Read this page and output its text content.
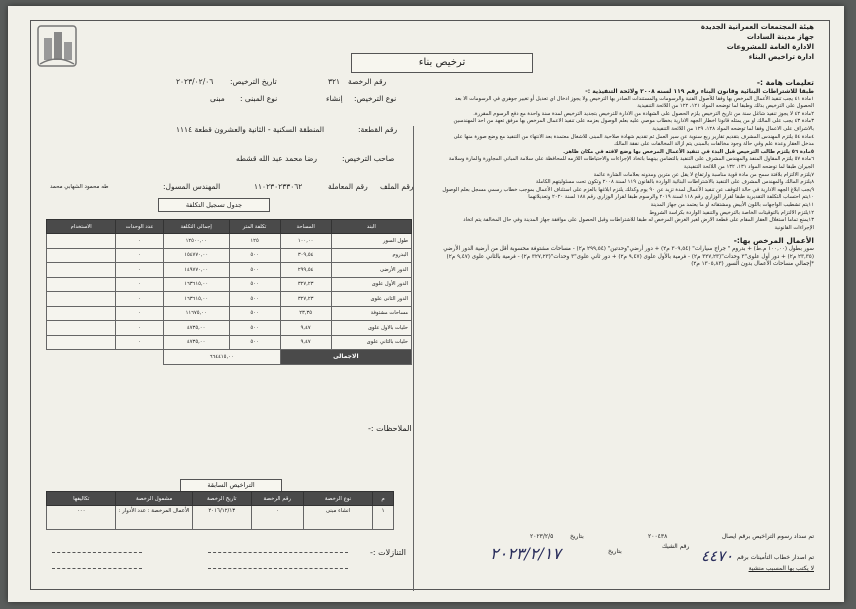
هيئة المجتمعات العمرانية الجديدة
جهاز مدينة السادات
الادارة العامة للمشروعات
ادارة تراخيص البناء
ترخيص بناء
رقم الرخصة
٣٢١
تاريخ الترخيص:
٢٠٢٣/٠٢/٠٦
نوع الترخيص:
إنشاء
نوع المبنى :
مبنى
رقم القطعة:
المنطقة السكنية - الثانية والعشرون قطعة ١١١٤
صاحب الترخيص:
رضا محمد عبد الله قشطه
رقم الملف
رقم المعاملة
١١٠٢٣٠٢٣٣٠٦٢
المهندس المسول:
طه محمود الشهابي محمد
جدول تسجيل التكلفة
البند	المساحة	تكلفة المتر	إجمالى التكلفة	عدد الوحدات	الاستخدام
طول السور	١٠٠,٠٠	١٢٥	١٢٥٠٠,٠٠	٠	
البدروم	٣٠٩,٥٤	٥٠٠	١٥٤٧٧٠,٠٠	٠	
الدور الأرضى	٢٩٩,٥٤	٥٠٠	١٤٩٧٧٠,٠٠	٠	
الدور الأول علوى	٣٢٧,٢٣	٥٠٠	١٦٣٦١٥,٠٠	٠	
الدور الثانى علوى	٣٢٧,٢٣	٥٠٠	١٦٣٦١٥,٠٠	٠	
مساحات مشتوفة	٢٣,٣٥	٥٠٠	١١٦٧٥,٠٠	٠	
حليات بالاول علوى	٩,٤٧	٥٠٠	٤٧٣٥,٠٠	٠	
حليات بالثاني علوى	٩,٤٧	٥٠٠	٤٧٣٥,٠٠	٠	
الاجمالى		٦٦٤٤١٥,٠٠			
الملاحظات :-
التراخيص السابقة
م	نوع الرخصة	رقم الرخصة	تاريخ الرخصة	مشمول الرخصة	تكاليفها
١	انشاء مبنى	٠	٢٠١٦/١٢/١٣	الأعمال المرخصة : عدد الأدوار :	٠٠٠
التنازلات :-
تعليمات هامة :-
طبقا للاشتراطات البنائية وقانون البناء رقم ١١٩ لسنه ٢٠٠٨ ولائحة التنفيذية :-
١مادة ٤١ يجب تنفيذ الأعمال المرخص بها وفقا للأصول الفنية والرسومات والمستندات الصادر بها الترخيص ولا يجوز ادخال اي تعديل أو تغيير جوهري في الرسومات الا بعد الحصول على الترخيص بذلك وطبقا لما توضحه المواد ١٢١، ١٢٢ من اللائحة التنفيذية
٢مادة ٤٢ لا يجوز تنفيذ شاغل سنة من تاريخ الترخيص يلزم الحصول على الشهادة من الادارة للترخيص بتجديد الترخيص لمدة سنة واحدة مع دفع الرسوم المقررة.
٣مادة ٤٣ يجب على المالك او من يمثله قانونا اخطار الجهه الادارية بخطاب موصي عليه بعلم الوصول بعزمه على تنفيذ الاعمال المرخص بها مرفق تعهد من احد المهندسين بالاشراف على الاعمال وفقا لما توضحه المواد ١٢٨، ١٢٩ من اللائحة التنفيذية
٤مادة ٥٤ يلتزم المهندس المشرف بتقديم تقارير ربع سنوية عن سير العمل ثم تقديم شهادة صلاحية المبنى للاشغال معتمدة بعد الانتهاء من التنفيذ مع وضع صورة منها على مدخل العقار وعدة علم وقي حالة وجود مخالفات بالمبنى يتم ازالة المخالفات على نفقة المالك
٥مادة ٥٦ يلتزم طالب الترخيص قبل البدء في تنفيذ الأعمال المرخص بها وضع لافته في مكان ظاهر.
٦مادة ٥٧ يلتزم المقاول المنفذ والمهندس المشرف على التنفيذ بالتضامن بينهما باتخاذ الإجراءات والاحتياطات اللازمه للمحافظة على سلامة المباني المجاورة والمارة وسلامة الجيران طبقا لما توضحه المواد ١٣١، ١٣٢ من اللائحة التنفيذية
٧يلتزم الالتزام بلافتة سمح من مادة قوية مناسبة وارتفاع لا يقل عن مترين ومدونه بعلامات الشارة عائمة
٨يلتزم المالك والمهندس المشرف على التنفيذ بالاشتراطات البنائية الواردة بالقانون ١١٩ لسنة ٢٠٠٨ وتكون تحت مسئوليتهم الكاملة
٩يجب ابلاغ الجهه الادارية في حالة التوقف عن تنفيذ الأعمال لمدة تزيد عن ٩٠ يوم وكذلك يلتزم ابلاغها بالعزم على استئناف الأعمال بموجب خطاب رسمي مسجل بعلم الوصول
١٠يتم احتساب التكلفة التقديرية طبقا لقرار الوزاري رقم ١١٨ لسنة ٢٠١٩ والرسوم طبقا لقرار الوزاري رقم ١٨٨ لسنة ٢٠٢٠ وتعديلاتهما
١١يتم تشطيب الواجهات باللون الأبيض ومشتقاته او ما يعتمد من جهاز المدينة
١٢يلتزم الالتزام بالتوقيتات الخاصة بالترخيص والتنفيذ الواردة بكراسة الشروط
١٣يمنع تماما استغلال العقار المقام على قطعة الارض لغير الغرض المرخص له طبقا للاشتراطات وقبل الحصول على موافقة جهاز المدينة وفي حال المخالفة يتم اتخاذ الإجراءات القانونية
الأعمال المرخص بها:-
سور بطول (١٠٠,٠٠ م.ط) + بدروم " جراج سيارات" (٣٠٩,٥٤ م٢) + دور أرضي"وحدتين" (٢٩٩,٥٤ م٢) - مساحات مشتوفة محسوبة أقل من أرضية الدور الأرضي (٢٣,٣٥ م٢) + دور أول علوى"٣ وحدات"(٣٢٧,٢٣ م٢) - فرمية بالأول علوى (٩,٤٧ م٢) + دور ثاني علوى"٣ وحدات"(٣٢٧,٢٣ م٢) - فرمية بالثاني علوى (٩,٤٧ م٢) *إجمالي مساحات الأعمال بدون السور (١٣٠٥,٨٣ م٢)
تم سداد رسوم التراخيص برقم ايصال
٢٠٠٤٣٨
بتاريخ
٢٠٢٣/٢/٥
رقم الشيك
تم اصدار خطاب التأمينات برقم
٤٤٧٠
بتاريخ
٢٠٢٣/٢/١٧
لا يكتب بها المسبب منشية
